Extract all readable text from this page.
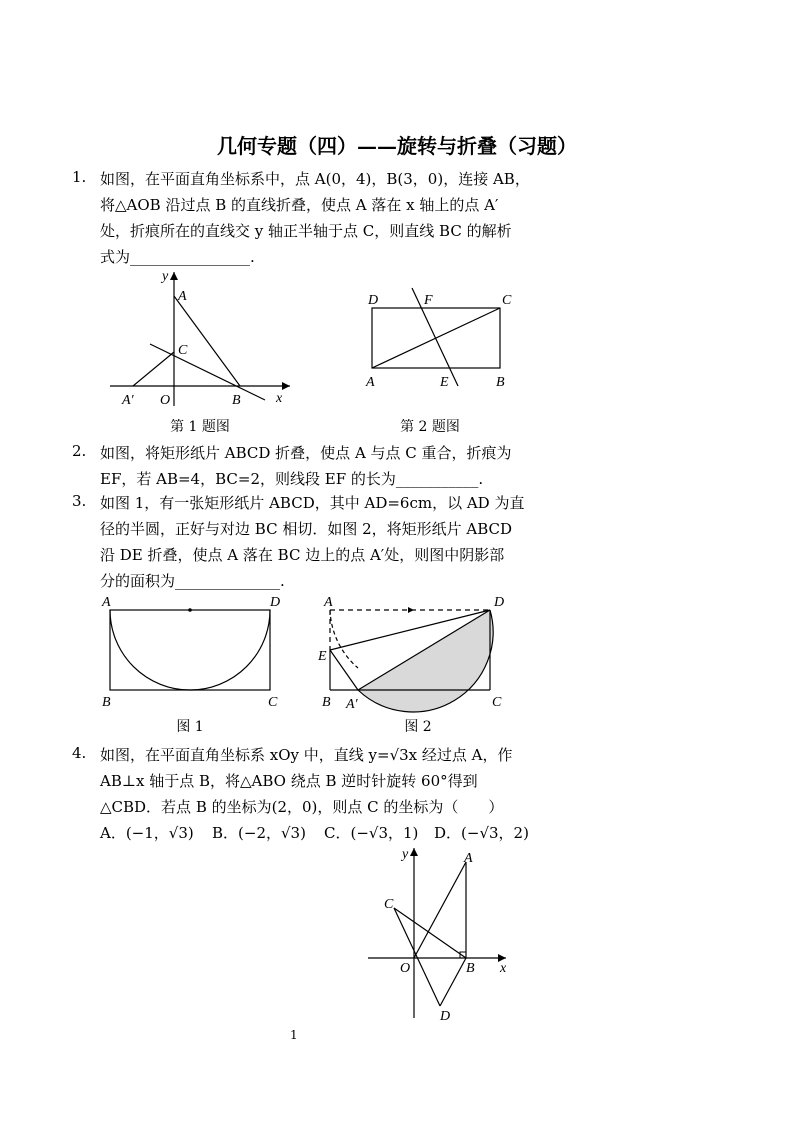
几何专题（四）——旋转与折叠（习题）
1. 如图，在平面直角坐标系中，点 A(0，4)，B(3，0)，连接 AB，
将△AOB 沿过点 B 的直线折叠，使点 A 落在 x 轴上的点 A′
处，折痕所在的直线交 y 轴正半轴于点 C，则直线 BC 的解析
式为________________.
y
A
C
A′ O	B	x
第 1 题图
D	F	C
A	E	B
第 2 题图
2. 如图，将矩形纸片 ABCD 折叠，使点 A 与点 C 重合，折痕为
EF，若 AB=4，BC=2，则线段 EF 的长为___________.
3. 如图 1，有一张矩形纸片 ABCD，其中 AD=6cm，以 AD 为直
径的半圆，正好与对边 BC 相切．如图 2，将矩形纸片 ABCD
沿 DE 折叠，使点 A 落在 BC 边上的点 A′处，则图中阴影部
分的面积为______________.
A	D
B	C
图 1
A	D
E
B A′	C
图 2
4. 如图，在平面直角坐标系 xOy 中，直线 y=√3x 经过点 A，作
AB⊥x 轴于点 B，将△ABO 绕点 B 逆时针旋转 60°得到
△CBD．若点 B 的坐标为(2，0)，则点 C 的坐标为（　　）
A．(−1，√3) B．(−2，√3) C．(−√3，1) D．(−√3，2)
y	A
C
O	B x
D
1
